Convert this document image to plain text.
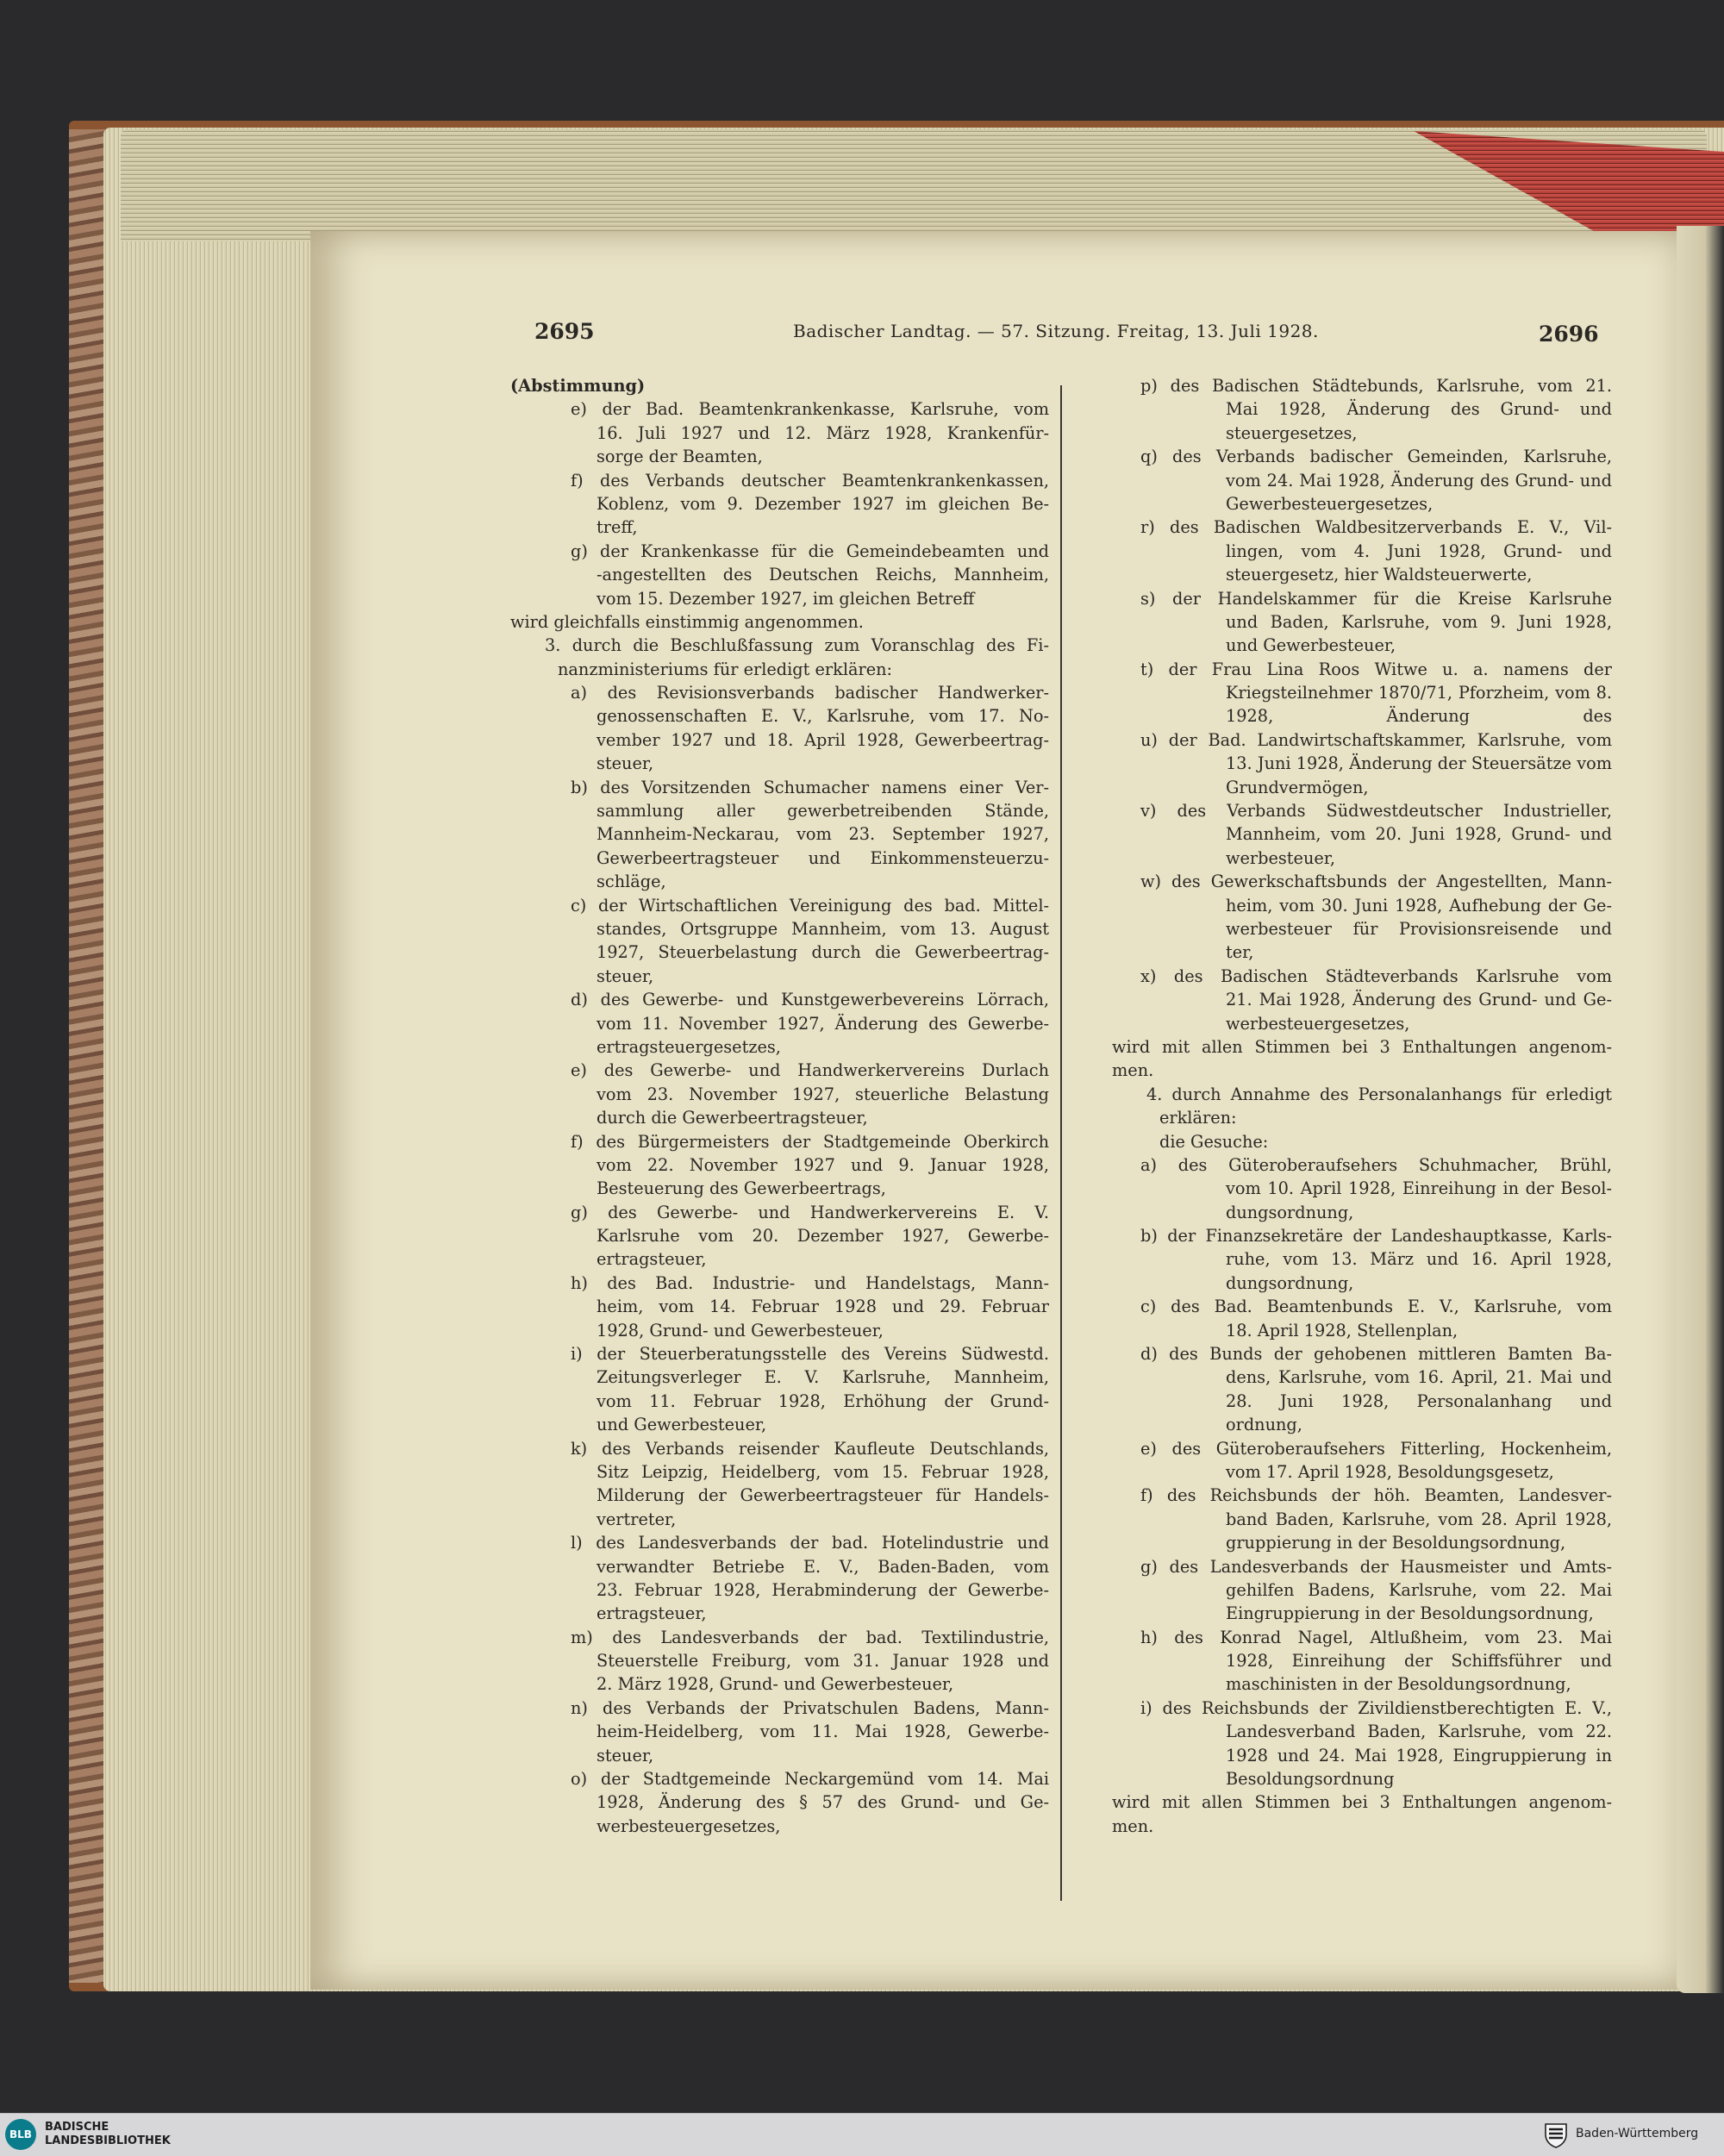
2695	Badischer Landtag. — 57. Sitzung. Freitag, 13. Juli 1928.	2696
(Abstimmung)
e) der Bad. Beamtenkrankenkasse, Karlsruhe, vom
16. Juli 1927 und 12. März 1928, Krankenfür-
sorge der Beamten,
f) des Verbands deutscher Beamtenkrankenkassen,
Koblenz, vom 9. Dezember 1927 im gleichen Be-
treff,
g) der Krankenkasse für die Gemeindebeamten und
-angestellten des Deutschen Reichs, Mannheim,
vom 15. Dezember 1927, im gleichen Betreff
wird gleichfalls einstimmig angenommen.
3. durch die Beschlußfassung zum Voranschlag des Fi-
nanzministeriums für erledigt erklären:
a) des Revisionsverbands badischer Handwerker-
genossenschaften E. V., Karlsruhe, vom 17. No-
vember 1927 und 18. April 1928, Gewerbeertrag-
steuer,
b) des Vorsitzenden Schumacher namens einer Ver-
sammlung aller gewerbetreibenden Stände,
Mannheim-Neckarau, vom 23. September 1927,
Gewerbeertragsteuer und Einkommensteuerzu-
schläge,
c) der Wirtschaftlichen Vereinigung des bad. Mittel-
standes, Ortsgruppe Mannheim, vom 13. August
1927, Steuerbelastung durch die Gewerbeertrag-
steuer,
d) des Gewerbe- und Kunstgewerbevereins Lörrach,
vom 11. November 1927, Änderung des Gewerbe-
ertragsteuergesetzes,
e) des Gewerbe- und Handwerkervereins Durlach
vom 23. November 1927, steuerliche Belastung
durch die Gewerbeertragsteuer,
f) des Bürgermeisters der Stadtgemeinde Oberkirch
vom 22. November 1927 und 9. Januar 1928,
Besteuerung des Gewerbeertrags,
g) des Gewerbe- und Handwerkervereins E. V.
Karlsruhe vom 20. Dezember 1927, Gewerbe-
ertragsteuer,
h) des Bad. Industrie- und Handelstags, Mann-
heim, vom 14. Februar 1928 und 29. Februar
1928, Grund- und Gewerbesteuer,
i) der Steuerberatungsstelle des Vereins Südwestd.
Zeitungsverleger E. V. Karlsruhe, Mannheim,
vom 11. Februar 1928, Erhöhung der Grund-
und Gewerbesteuer,
k) des Verbands reisender Kaufleute Deutschlands,
Sitz Leipzig, Heidelberg, vom 15. Februar 1928,
Milderung der Gewerbeertragsteuer für Handels-
vertreter,
l) des Landesverbands der bad. Hotelindustrie und
verwandter Betriebe E. V., Baden-Baden, vom
23. Februar 1928, Herabminderung der Gewerbe-
ertragsteuer,
m) des Landesverbands der bad. Textilindustrie,
Steuerstelle Freiburg, vom 31. Januar 1928 und
2. März 1928, Grund- und Gewerbesteuer,
n) des Verbands der Privatschulen Badens, Mann-
heim-Heidelberg, vom 11. Mai 1928, Gewerbe-
steuer,
o) der Stadtgemeinde Neckargemünd vom 14. Mai
1928, Änderung des § 57 des Grund- und Ge-
werbesteuergesetzes,
p) des Badischen Städtebunds, Karlsruhe, vom 21.
Mai 1928, Änderung des Grund- und
steuergesetzes,
q) des Verbands badischer Gemeinden, Karlsruhe,
vom 24. Mai 1928, Änderung des Grund- und
Gewerbesteuergesetzes,
r) des Badischen Waldbesitzerverbands E. V., Vil-
lingen, vom 4. Juni 1928, Grund- und
steuergesetz, hier Waldsteuerwerte,
s) der Handelskammer für die Kreise Karlsruhe
und Baden, Karlsruhe, vom 9. Juni 1928,
und Gewerbesteuer,
t) der Frau Lina Roos Witwe u. a. namens der
Kriegsteilnehmer 1870/71, Pforzheim, vom 8.
1928, Änderung des
u) der Bad. Landwirtschaftskammer, Karlsruhe, vom
13. Juni 1928, Änderung der Steuersätze vom
Grundvermögen,
v) des Verbands Südwestdeutscher Industrieller,
Mannheim, vom 20. Juni 1928, Grund- und
werbesteuer,
w) des Gewerkschaftsbunds der Angestellten, Mann-
heim, vom 30. Juni 1928, Aufhebung der Ge-
werbesteuer für Provisionsreisende und
ter,
x) des Badischen Städteverbands Karlsruhe vom
21. Mai 1928, Änderung des Grund- und Ge-
werbesteuergesetzes,
wird mit allen Stimmen bei 3 Enthaltungen angenom-
men.
4. durch Annahme des Personalanhangs für erledigt
erklären:
die Gesuche:
a) des Güteroberaufsehers Schuhmacher, Brühl,
vom 10. April 1928, Einreihung in der Besol-
dungsordnung,
b) der Finanzsekretäre der Landeshauptkasse, Karls-
ruhe, vom 13. März und 16. April 1928,
dungsordnung,
c) des Bad. Beamtenbunds E. V., Karlsruhe, vom
18. April 1928, Stellenplan,
d) des Bunds der gehobenen mittleren Bamten Ba-
dens, Karlsruhe, vom 16. April, 21. Mai und
28. Juni 1928, Personalanhang und
ordnung,
e) des Güteroberaufsehers Fitterling, Hockenheim,
vom 17. April 1928, Besoldungsgesetz,
f) des Reichsbunds der höh. Beamten, Landesver-
band Baden, Karlsruhe, vom 28. April 1928,
gruppierung in der Besoldungsordnung,
g) des Landesverbands der Hausmeister und Amts-
gehilfen Badens, Karlsruhe, vom 22. Mai
Eingruppierung in der Besoldungsordnung,
h) des Konrad Nagel, Altlußheim, vom 23. Mai
1928, Einreihung der Schiffsführer und
maschinisten in der Besoldungsordnung,
i) des Reichsbunds der Zivildienstberechtigten E. V.,
Landesverband Baden, Karlsruhe, vom 22.
1928 und 24. Mai 1928, Eingruppierung in
Besoldungsordnung
wird mit allen Stimmen bei 3 Enthaltungen angenom-
men.
BLB
BADISCHE
LANDESBIBLIOTHEK
Baden-Württemberg
